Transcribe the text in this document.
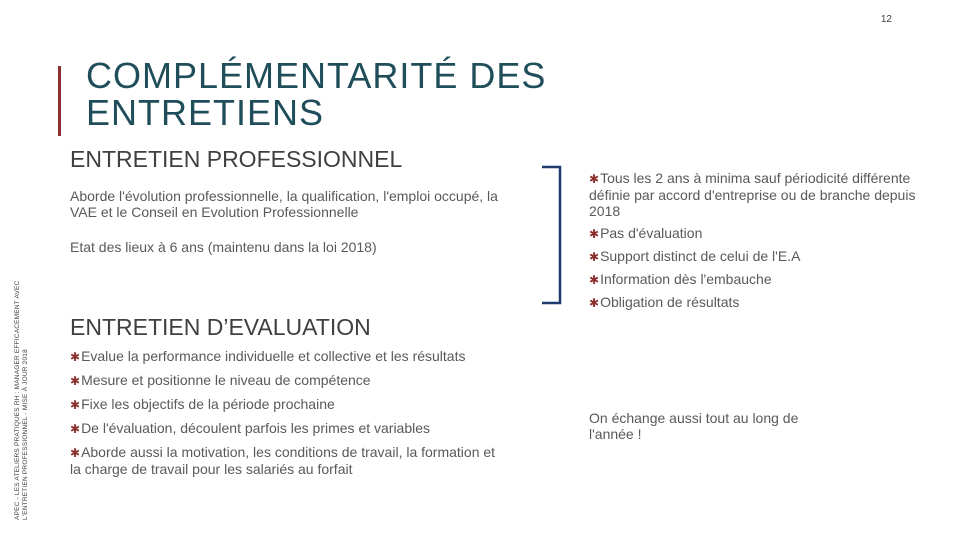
12
APEC - LES ATELIERS PRATIQUES RH : MANAGER EFFICACEMENT AVEC L'ENTRETIEN PROFESSIONNEL - MISE À JOUR 2018
COMPLÉMENTARITÉ DES ENTRETIENS
ENTRETIEN PROFESSIONNEL

Aborde l'évolution professionnelle, la qualification, l'emploi occupé, la VAE et le Conseil en Evolution Professionnelle

Etat des lieux à 6 ans (maintenu dans la loi 2018)

✱Tous les 2 ans à minima sauf périodicité différente définie par accord d'entreprise ou de branche depuis 2018
✱Pas d'évaluation
✱Support distinct de celui de l'E.A
✱Information dès l'embauche
✱Obligation de résultats
ENTRETIEN D’EVALUATION
✱Evalue la performance individuelle et collective et les résultats
✱Mesure et positionne le niveau de compétence
✱Fixe les objectifs de la période prochaine
✱De l'évaluation, découlent parfois les primes et variables
✱Aborde aussi la motivation, les conditions de travail, la formation et la charge de travail pour les salariés au forfait
On échange aussi tout au long de l'année !
